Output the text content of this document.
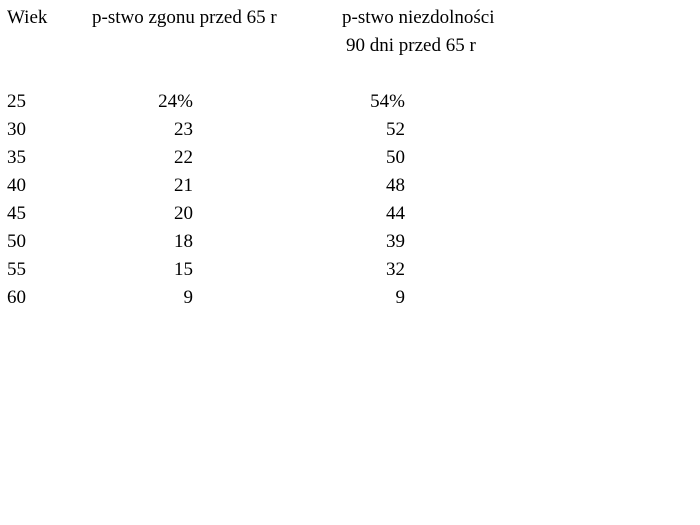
Wiek p-stwo zgonu przed 65 r	p-stwo niezdolności
90 dni przed 65 r
25	24%	54%
30	23	52
35	22	50
40	21	48
45	20	44
50	18	39
55	15	32
60	9	9
